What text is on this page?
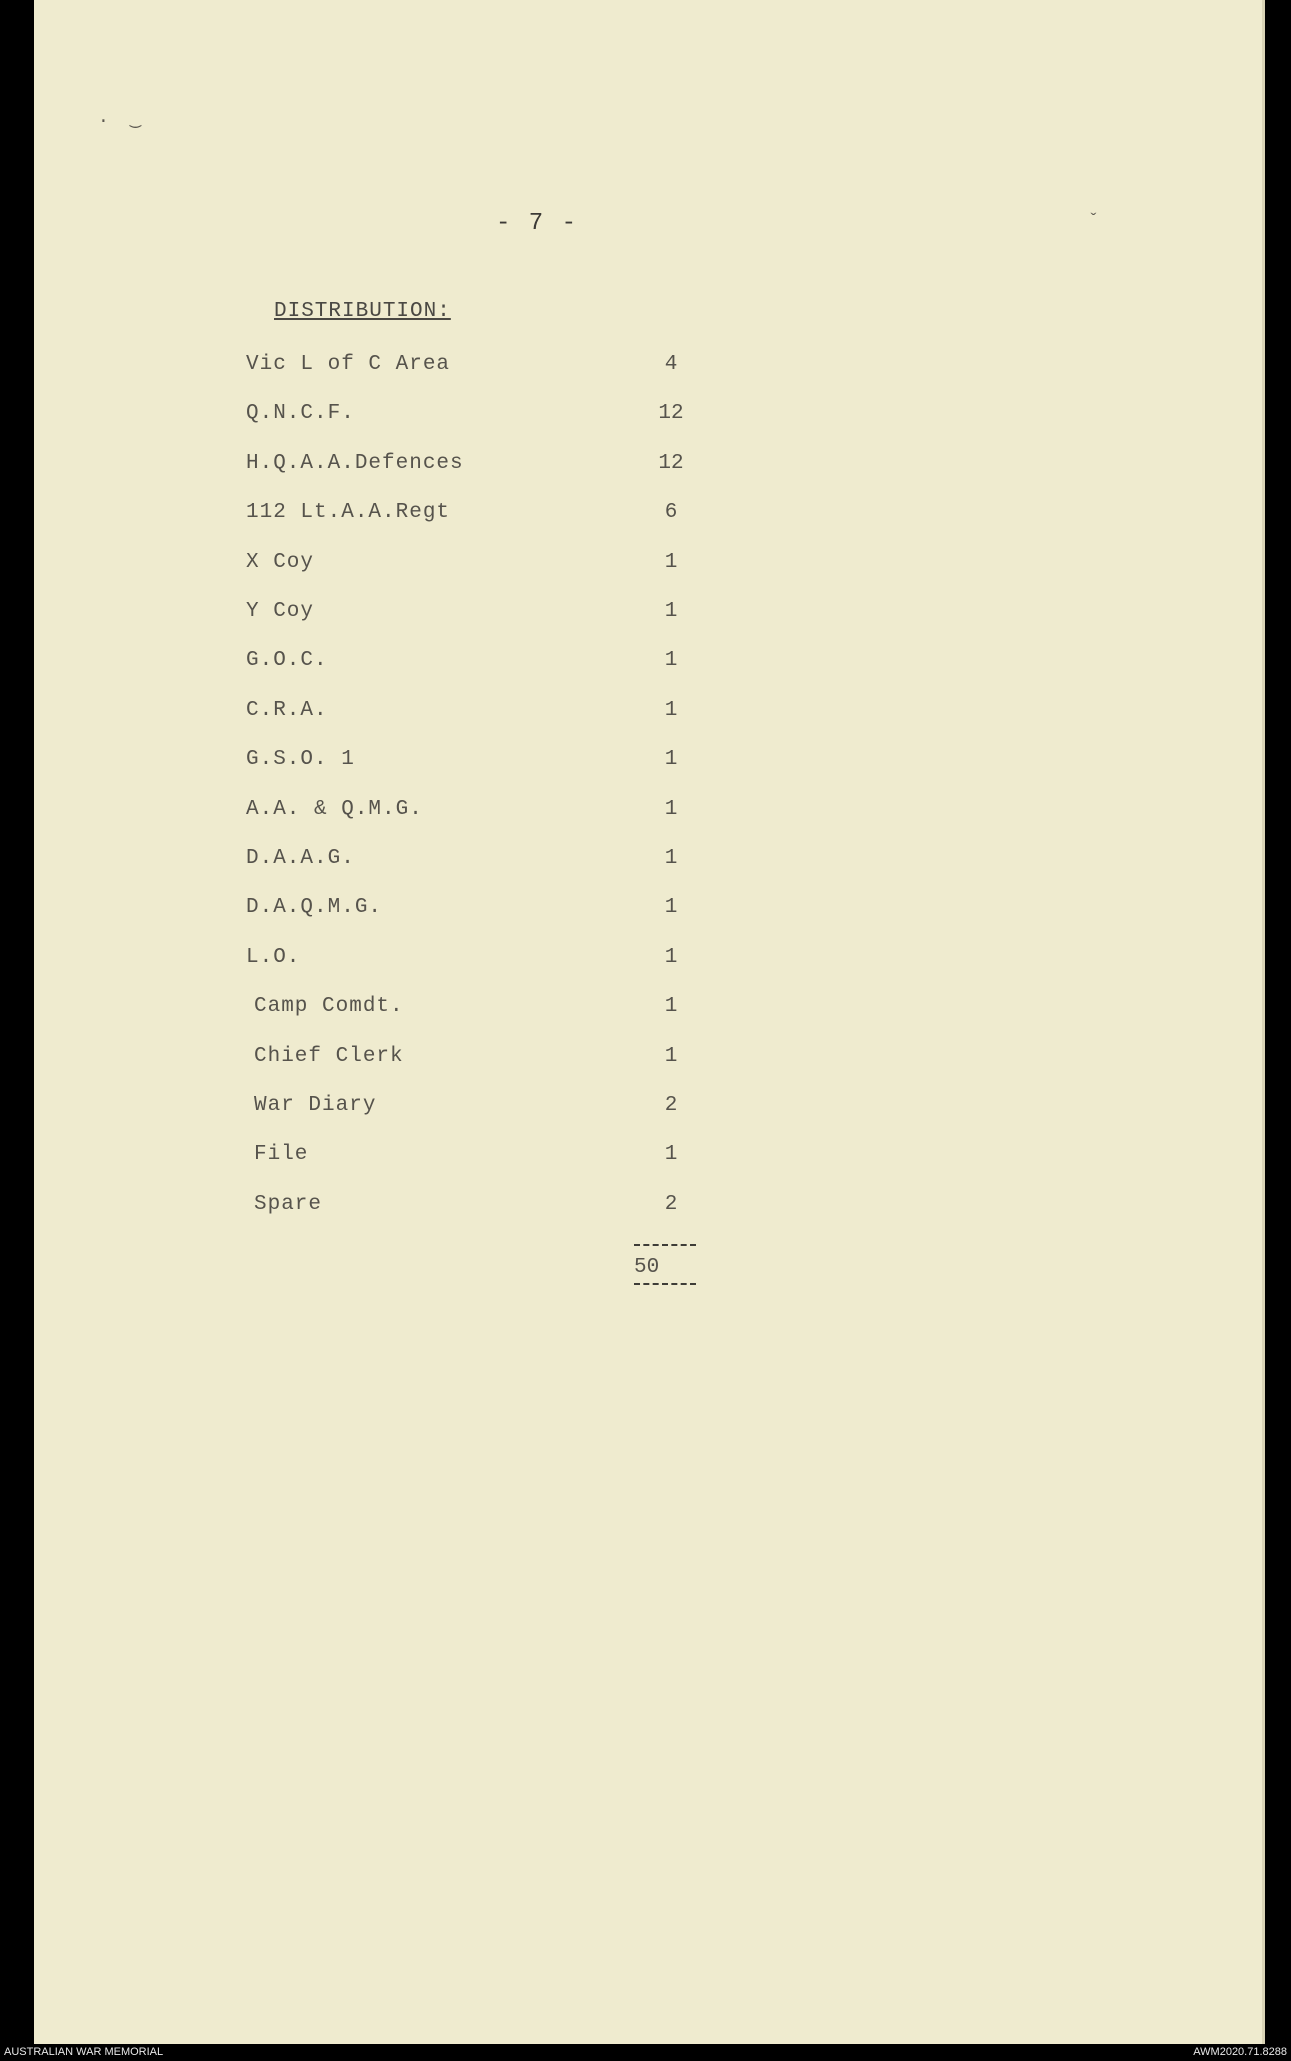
· ‿
ˇ
- 7 -
DISTRIBUTION:
Vic L of C Area	4
Q.N.C.F.	12
H.Q.A.A.Defences	12
112 Lt.A.A.Regt	6
X Coy	1
Y Coy	1
G.O.C.	1
C.R.A.	1
G.S.O. 1	1
A.A. & Q.M.G.	1
D.A.A.G.	1
D.A.Q.M.G.	1
L.O.	1
Camp Comdt.	1
Chief Clerk	1
War Diary	2
File	1
Spare	2
50
AUSTRALIAN WAR MEMORIAL	AWM2020.71.8288
